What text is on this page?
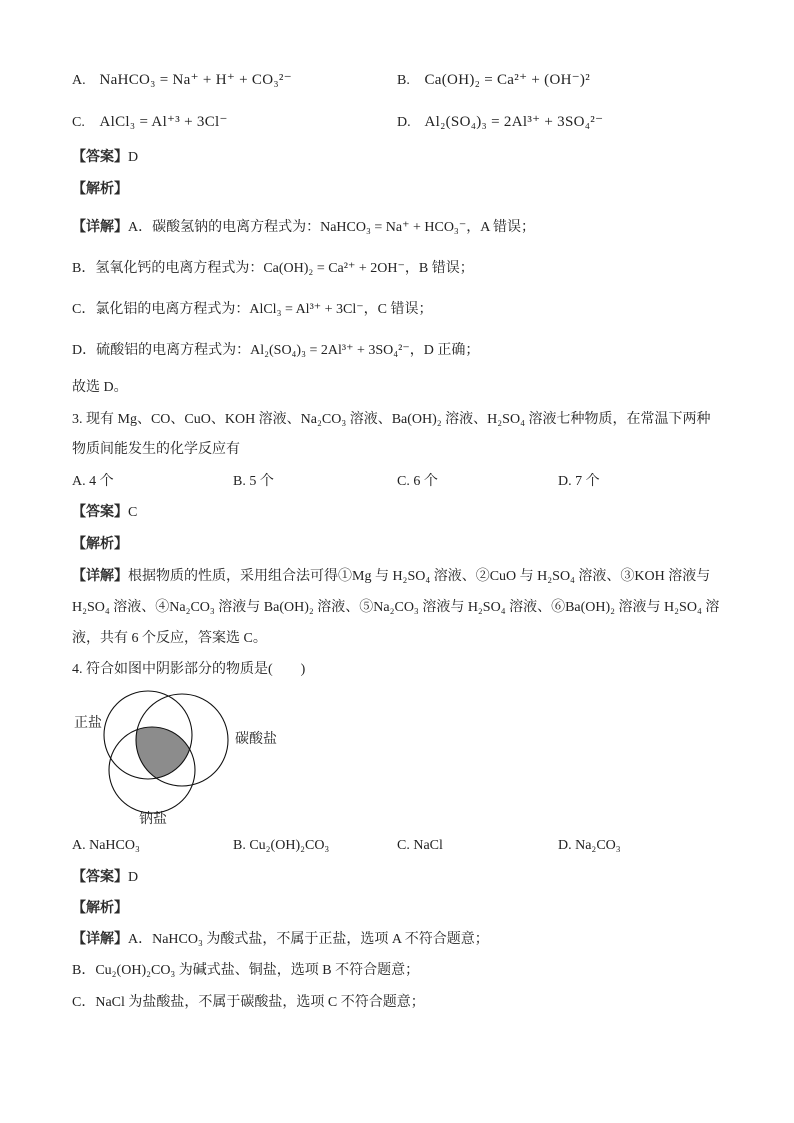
A. NaHCO₃ = Na⁺ + H⁺ + CO₃²⁻	B. Ca(OH)₂ = Ca²⁺ + (OH⁻)²
C. AlCl₃ = Al⁺³ + 3Cl⁻	D. Al₂(SO₄)₃ = 2Al³⁺ + 3SO₄²⁻
【答案】D
【解析】
【详解】A．碳酸氢钠的电离方程式为：NaHCO₃ = Na⁺ + HCO₃⁻，A 错误；
B．氢氧化钙的电离方程式为：Ca(OH)₂ = Ca²⁺ + 2OH⁻，B 错误；
C．氯化铝的电离方程式为：AlCl₃ = Al³⁺ + 3Cl⁻，C 错误；
D．硫酸铝的电离方程式为：Al₂(SO₄)₃ = 2Al³⁺ + 3SO₄²⁻，D 正确；
故选 D。
3. 现有 Mg、CO、CuO、KOH 溶液、Na₂CO₃ 溶液、Ba(OH)₂ 溶液、H₂SO₄ 溶液七种物质，在常温下两种
物质间能发生的化学反应有
A. 4 个	B. 5 个	C. 6 个	D. 7 个
【答案】C
【解析】
【详解】根据物质的性质，采用组合法可得①Mg 与 H₂SO₄ 溶液、②CuO 与 H₂SO₄ 溶液、③KOH 溶液与
H₂SO₄ 溶液、④Na₂CO₃ 溶液与 Ba(OH)₂ 溶液、⑤Na₂CO₃ 溶液与 H₂SO₄ 溶液、⑥Ba(OH)₂ 溶液与 H₂SO₄ 溶
液，共有 6 个反应，答案选 C。
4. 符合如图中阴影部分的物质是(　　)
正盐
碳酸盐
钠盐
A. NaHCO₃	B. Cu₂(OH)₂CO₃	C. NaCl	D. Na₂CO₃
【答案】D
【解析】
【详解】A．NaHCO₃ 为酸式盐，不属于正盐，选项 A 不符合题意；
B．Cu₂(OH)₂CO₃ 为碱式盐、铜盐，选项 B 不符合题意；
C．NaCl 为盐酸盐，不属于碳酸盐，选项 C 不符合题意；
